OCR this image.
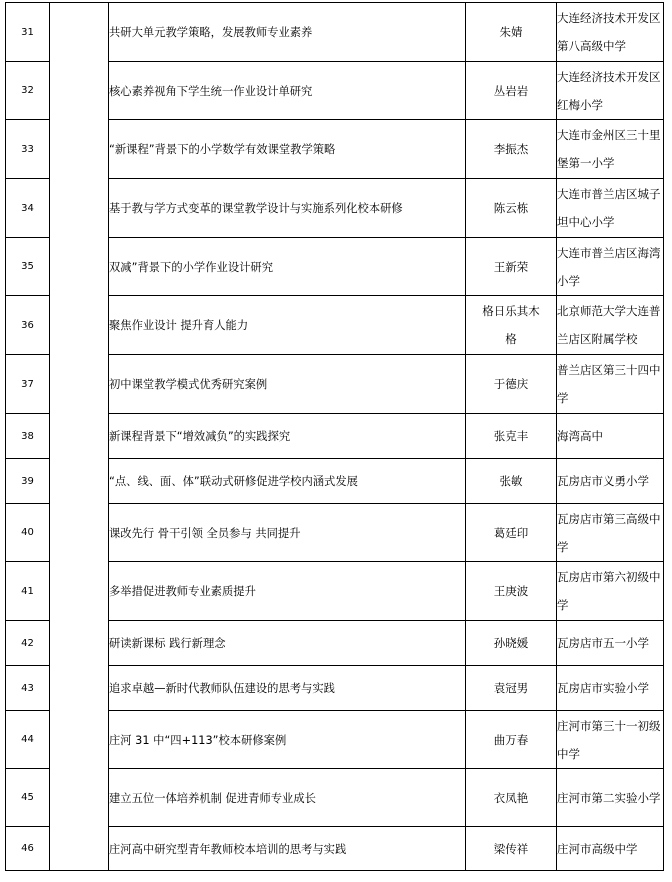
31		共研大单元教学策略，发展教师专业素养	朱婧	大连经济技术开发区第八高级中学
32		核心素养视角下学生统一作业设计单研究	丛岩岩	大连经济技术开发区红梅小学
33		“新课程”背景下的小学数学有效课堂教学策略	李振杰	大连市金州区三十里堡第一小学
34		基于教与学方式变革的课堂教学设计与实施系列化校本研修	陈云栋	大连市普兰店区城子坦中心小学
35		双减”背景下的小学作业设计研究	王新荣	大连市普兰店区海湾小学
36		聚焦作业设计 提升育人能力	格日乐其木格	北京师范大学大连普兰店区附属学校
37		初中课堂教学模式优秀研究案例	于德庆	普兰店区第三十四中学
38		新课程背景下“增效减负”的实践探究	张克丰	海湾高中
39		“点、线、面、体”联动式研修促进学校内涵式发展	张敏	瓦房店市义勇小学
40		课改先行 骨干引领 全员参与 共同提升	葛廷印	瓦房店市第三高级中学
41		多举措促进教师专业素质提升	王庚波	瓦房店市第六初级中学
42		研读新课标 践行新理念	孙晓媛	瓦房店市五一小学
43		追求卓越—新时代教师队伍建设的思考与实践	袁冠男	瓦房店市实验小学
44		庄河 31 中“四+113”校本研修案例	曲万春	庄河市第三十一初级中学
45		建立五位一体培养机制 促进青师专业成长	衣凤艳	庄河市第二实验小学
46		庄河高中研究型青年教师校本培训的思考与实践	梁传祥	庄河市高级中学
